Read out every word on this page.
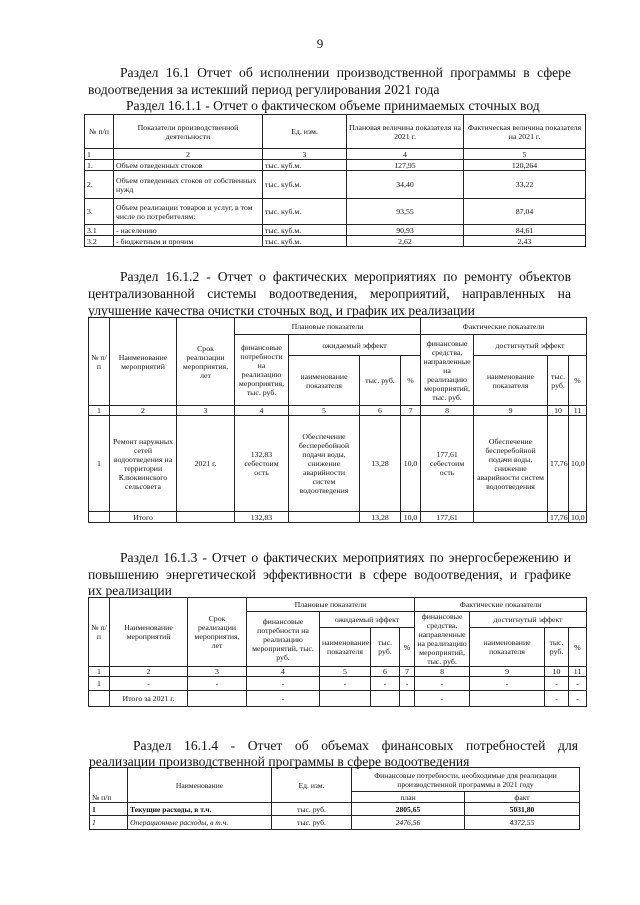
9
Раздел 16.1 Отчет об исполнении производственной программы в сфере
водоотведения за истекший период регулирования 2021 года
Раздел 16.1.1 - Отчет о фактическом объеме принимаемых сточных вод
№ п/п	Показатели производственной деятельности	Ед. изм.	Плановая величина показателя на 2021 г.	Фактическая величина показателя на 2021 г.
1	2	3	4	5
1.	Объем отведенных стоков	тыс. куб.м.	127,95	120,264
2.	Объем отведенных стоков от собственных нужд	тыс. куб.м.	34,40	33,22
3.	Объем реализации товаров и услуг, в том числе по потребителям:	тыс. куб.м.	93,55	87,04
3.1	- населению	тыс. куб.м.	90,93	84,61
3.2	- бюджетным и прочим	тыс. куб.м.	2,62	2,43
Раздел 16.1.2 - Отчет о фактических мероприятиях по ремонту объектов
централизованной системы водоотведения, мероприятий, направленных на
улучшение качества очистки сточных вод, и график их реализации
№ п/п	Наименование мероприятий	Срок реализации мероприятия, лет	Плановые показатели				Фактические показатели			
			финансовые потребности на реализацию мероприятия, тыс. руб.	ожидаемый эффект			финансовые средства, направленные на реализацию мероприятий, тыс. руб.	достигнутый эффект		
				наименование показателя	тыс. руб.	%		наименование показателя	тыс. руб.	%
1	2	3	4	5	6	7	8	9	10	11
1	Ремонт наружных сетей водоотведения на территории Клюквинского сельсовета	2021 г.	132,83 себестоим ость	Обеспечение бесперебойной подачи воды, снижение аварийности систем водоотведения	13,28	10,0	177,61 себестоим ость	Обеспечение бесперебойной подачи воды, снижение аварийности систем водоотведения	17,76	10,0
	Итого		132,83		13,28	10,0	177,61		17,76	10,0
Раздел 16.1.3 - Отчет о фактических мероприятиях по энергосбережению и
повышению энергетической эффективности в сфере водоотведения, и графике
их реализации
№ п/п	Наименование мероприятий	Срок реализации мероприятия, лет	Плановые показатели				Фактические показатели			
			финансовые потребности на реализацию мероприятий, тыс. руб.	ожидаемый эффект			финансовые средства, направленные на реализацию мероприятий, тыс. руб.	достигнутый эффект		
				наименование показателя	тыс. руб.	%		наименование показателя	тыс. руб.	%
1	2	3	4	5	6	7	8	9	10	11
1	-	-	-	-	-	-	-	-	-	-
	Итого за 2021 г.		-				-		-	-
Раздел 16.1.4 - Отчет об объемах финансовых потребностей для
реализации производственной программы в сфере водоотведения
№ п/п	Наименование	Ед. изм.	Финансовые потребности, необходимые для реализации производственной программы в 2021 году	
			план	факт
1	Текущие расходы, в т.ч.	тыс. руб.	2805,65	5031,80
1	Операционные расходы, в т.ч.	тыс. руб.	2476,56	4372,55
